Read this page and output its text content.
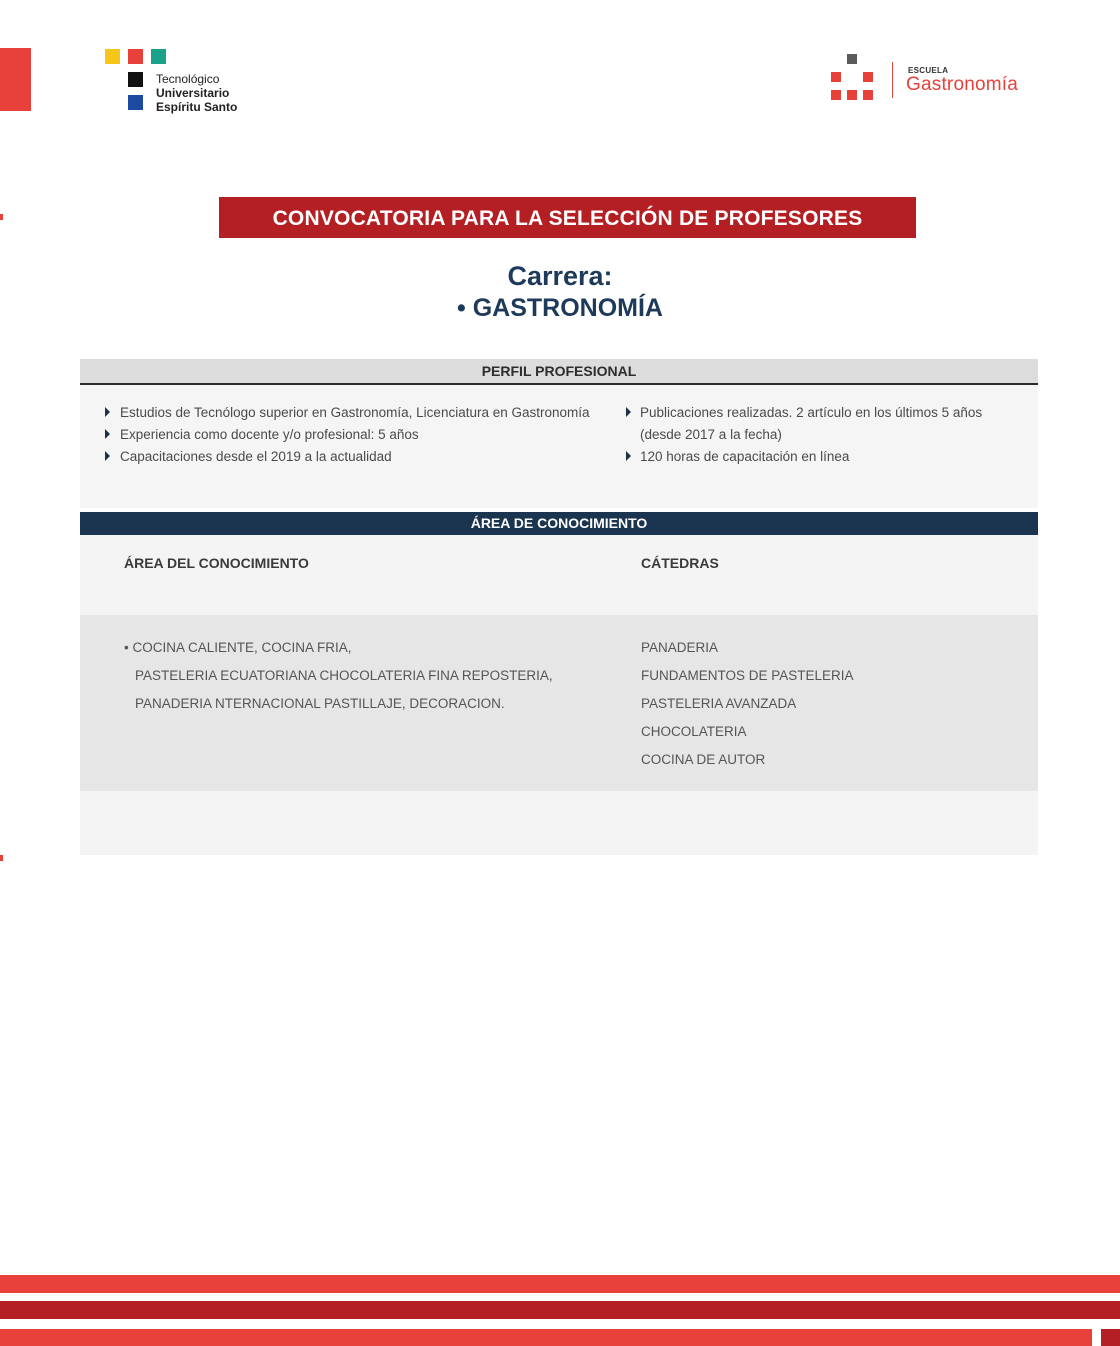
Tecnológico
Universitario
Espíritu Santo
ESCUELA
Gastronomía
CONVOCATORIA PARA LA SELECCIÓN DE PROFESORES
Carrera:
• GASTRONOMÍA
PERFIL PROFESIONAL
Estudios de Tecnólogo superior en Gastronomía, Licenciatura en Gastronomía
Experiencia como docente y/o profesional: 5 años
Capacitaciones desde el 2019 a la actualidad
Publicaciones realizadas. 2 artículo en los últimos 5 años
(desde 2017 a la fecha)
120 horas de capacitación en línea
ÁREA DE CONOCIMIENTO
ÁREA DEL CONOCIMIENTO	CÁTEDRAS
• COCINA CALIENTE, COCINA FRIA,
PASTELERIA ECUATORIANA CHOCOLATERIA FINA REPOSTERIA,
PANADERIA NTERNACIONAL PASTILLAJE, DECORACION.
PANADERIA
FUNDAMENTOS DE PASTELERIA
PASTELERIA AVANZADA
CHOCOLATERIA
COCINA DE AUTOR
